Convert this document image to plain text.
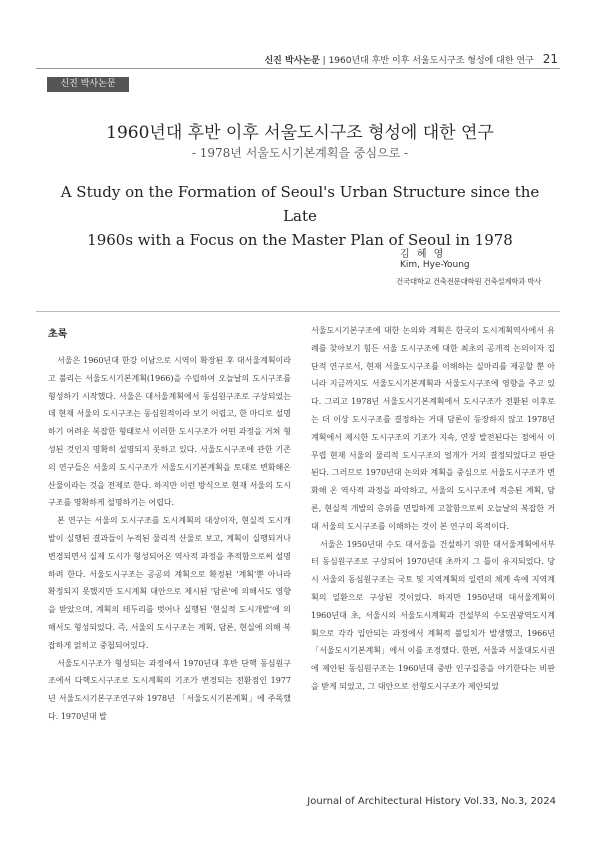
신진 박사논문 | 1960년대 후반 이후 서울도시구조 형성에 대한 연구 21
신진 박사논문
1960년대 후반 이후 서울도시구조 형성에 대한 연구
- 1978년 서울도시기본계획을 중심으로 -
A Study on the Formation of Seoul's Urban Structure since the Late
1960s with a Focus on the Master Plan of Seoul in 1978
김 혜 영
Kim, Hye-Young
건국대학교 건축전문대학원 건축설계학과 박사
초록

서울은 1960년대 한강 이남으로 시역이 확장된 후 대서울계획이라고 불리는 서울도시기본계획(1966)을 수립하여 오늘날의 도시구조를 형성하기 시작했다. 서울은 대서울계획에서 동심원구조로 구상되었는데 현재 서울의 도시구조는 동심원적이라 보기 어렵고, 한 마디로 설명하기 어려운 복잡한 형태로서 이러한 도시구조가 어떤 과정을 거쳐 형성된 것인지 명확히 설명되지 못하고 있다. 서울도시구조에 관한 기존의 연구들은 서울의 도시구조가 서울도시기본계획을 토대로 변화해온 산물이라는 것을 전제로 한다. 하지만 이런 방식으로 현재 서울의 도시구조를 명확하게 설명하기는 어렵다.

본 연구는 서울의 도시구조를 도시계획의 대상이자, 현실적 도시개발이 실행된 결과들이 누적된 물리적 산물로 보고, 계획이 실행되거나 변경되면서 실제 도시가 형성되어온 역사적 과정을 추적함으로써 설명하려 한다. 서울도시구조는 공공의 계획으로 확정된 '계획'뿐 아니라 확정되지 못했지만 도시계획 대안으로 제시된 '담론'에 의해서도 영향을 받았으며, 계획의 테두리를 벗어나 실행된 '현실적 도시개발'에 의해서도 형성되었다. 즉, 서울의 도시구조는 계획, 담론, 현실에 의해 복잡하게 얽히고 중첩되어있다.

서울도시구조가 형성되는 과정에서 1970년대 후반 단핵 동심원구조에서 다핵도시구조로 도시계획의 기조가 변경되는 전환점인 1977년 서울도시기본구조연구와 1978년 「서울도시기본계획」에 주목했다. 1970년대 발

서울도시기본구조에 대한 논의와 계획은 한국의 도시계획역사에서 유례를 찾아보기 힘든 서울 도시구조에 대한 최초의 공개적 논의이자 집단적 연구로서, 현재 서울도시구조를 이해하는 실마리를 제공할 뿐 아니라 지금까지도 서울도시기본계획과 서울도시구조에 영향을 주고 있다. 그리고 1978년 서울도시기본계획에서 도시구조가 전환된 이후로는 더 이상 도시구조를 결정하는 거대 담론이 등장하지 않고 1978년 계획에서 제시한 도시구조의 기조가 지속, 연장 발전된다는 점에서 이무렵 현재 서울의 물리적 도시구조의 얼개가 거의 결정되었다고 판단된다. 그러므로 1970년대 논의와 계획을 중심으로 서울도시구조가 변화해 온 역사적 과정을 파악하고, 서울의 도시구조에 적층된 계획, 담론, 현실적 개발의 층위를 면밀하게 고찰함으로써 오늘날의 복잡한 거대 서울의 도시구조를 이해하는 것이 본 연구의 목적이다.

서울은 1950년대 수도 대서울을 건설하기 위한 대서울계획에서부터 동심원구조로 구상되어 1970년대 초까지 그 틀이 유지되었다. 당시 서울의 동심원구조는 국토 및 지역계획의 일련의 체계 속에 지역계획의 일환으로 구상된 것이었다. 하지만 1950년대 대서울계획이 1960년대 초, 서울시의 서울도시계획과 건설부의 수도권광역도시계획으로 각각 입안되는 과정에서 계획적 불일치가 발생했고, 1966년 「서울도시기본계획」에서 이를 조정했다. 한편, 서울과 서울대도시권에 제안된 동심원구조는 1960년대 중반 인구집중을 야기한다는 비판을 받게 되었고, 그 대안으로 선형도시구조가 제안되었

Journal of Architectural History Vol.33, No.3, 2024
